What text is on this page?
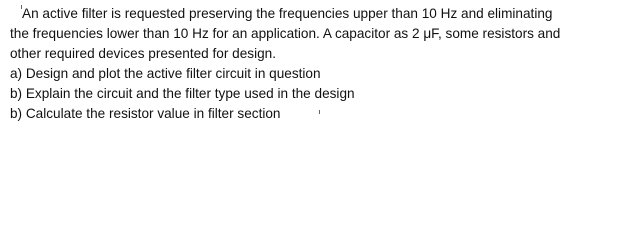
An active filter is requested preserving the frequencies upper than 10 Hz and eliminating
the frequencies lower than 10 Hz for an application. A capacitor as 2 μF, some resistors and
other required devices presented for design.
a) Design and plot the active filter circuit in question
b) Explain the circuit and the filter type used in the design
b) Calculate the resistor value in filter section
